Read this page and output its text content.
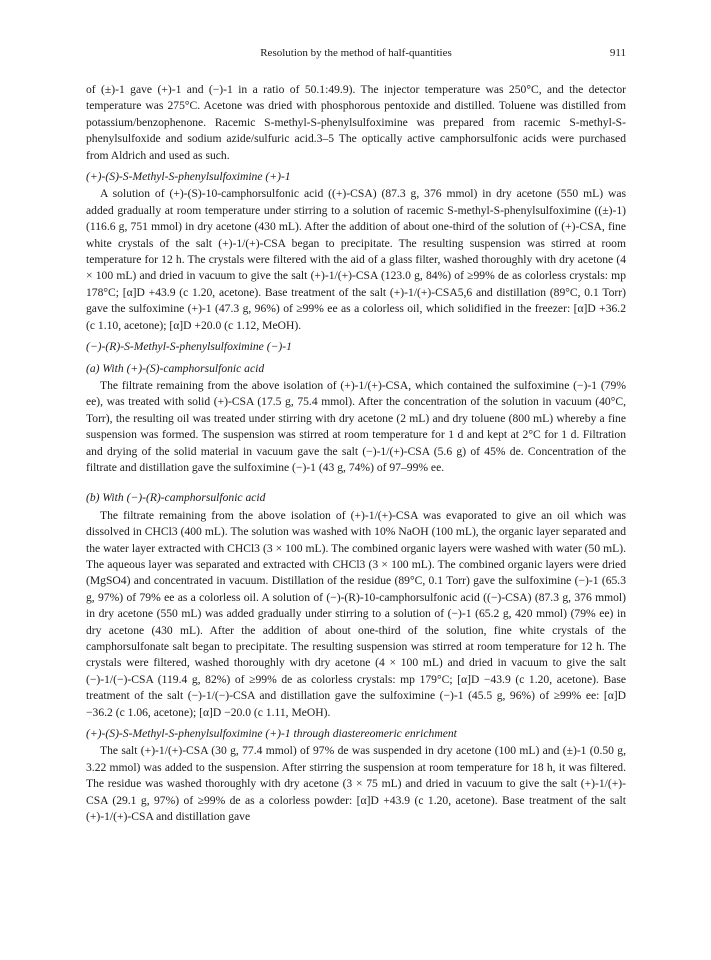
Resolution by the method of half-quantities	911

of (±)-1 gave (+)-1 and (−)-1 in a ratio of 50.1:49.9). The injector temperature was 250°C, and the detector temperature was 275°C. Acetone was dried with phosphorous pentoxide and distilled. Toluene was distilled from potassium/benzophenone. Racemic S-methyl-S-phenylsulfoximine was prepared from racemic S-methyl-S-phenylsulfoxide and sodium azide/sulfuric acid.3–5 The optically active camphorsulfonic acids were purchased from Aldrich and used as such.

(+)-(S)-S-Methyl-S-phenylsulfoximine (+)-1

A solution of (+)-(S)-10-camphorsulfonic acid ((+)-CSA) (87.3 g, 376 mmol) in dry acetone (550 mL) was added gradually at room temperature under stirring to a solution of racemic S-methyl-S-phenylsulfoximine ((±)-1) (116.6 g, 751 mmol) in dry acetone (430 mL). After the addition of about one-third of the solution of (+)-CSA, fine white crystals of the salt (+)-1/(+)-CSA began to precipitate. The resulting suspension was stirred at room temperature for 12 h. The crystals were filtered with the aid of a glass filter, washed thoroughly with dry acetone (4 × 100 mL) and dried in vacuum to give the salt (+)-1/(+)-CSA (123.0 g, 84%) of ≥99% de as colorless crystals: mp 178°C; [α]D +43.9 (c 1.20, acetone). Base treatment of the salt (+)-1/(+)-CSA5,6 and distillation (89°C, 0.1 Torr) gave the sulfoximine (+)-1 (47.3 g, 96%) of ≥99% ee as a colorless oil, which solidified in the freezer: [α]D +36.2 (c 1.10, acetone); [α]D +20.0 (c 1.12, MeOH).

(−)-(R)-S-Methyl-S-phenylsulfoximine (−)-1

(a) With (+)-(S)-camphorsulfonic acid

The filtrate remaining from the above isolation of (+)-1/(+)-CSA, which contained the sulfoximine (−)-1 (79% ee), was treated with solid (+)-CSA (17.5 g, 75.4 mmol). After the concentration of the solution in vacuum (40°C, Torr), the resulting oil was treated under stirring with dry acetone (2 mL) and dry toluene (800 mL) whereby a fine suspension was formed. The suspension was stirred at room temperature for 1 d and kept at 2°C for 1 d. Filtration and drying of the solid material in vacuum gave the salt (−)-1/(+)-CSA (5.6 g) of 45% de. Concentration of the filtrate and distillation gave the sulfoximine (−)-1 (43 g, 74%) of 97–99% ee.

(b) With (−)-(R)-camphorsulfonic acid

The filtrate remaining from the above isolation of (+)-1/(+)-CSA was evaporated to give an oil which was dissolved in CHCl3 (400 mL). The solution was washed with 10% NaOH (100 mL), the organic layer separated and the water layer extracted with CHCl3 (3 × 100 mL). The combined organic layers were washed with water (50 mL). The aqueous layer was separated and extracted with CHCl3 (3 × 100 mL). The combined organic layers were dried (MgSO4) and concentrated in vacuum. Distillation of the residue (89°C, 0.1 Torr) gave the sulfoximine (−)-1 (65.3 g, 97%) of 79% ee as a colorless oil. A solution of (−)-(R)-10-camphorsulfonic acid ((−)-CSA) (87.3 g, 376 mmol) in dry acetone (550 mL) was added gradually under stirring to a solution of (−)-1 (65.2 g, 420 mmol) (79% ee) in dry acetone (430 mL). After the addition of about one-third of the solution, fine white crystals of the camphorsulfonate salt began to precipitate. The resulting suspension was stirred at room temperature for 12 h. The crystals were filtered, washed thoroughly with dry acetone (4 × 100 mL) and dried in vacuum to give the salt (−)-1/(−)-CSA (119.4 g, 82%) of ≥99% de as colorless crystals: mp 179°C; [α]D −43.9 (c 1.20, acetone). Base treatment of the salt (−)-1/(−)-CSA and distillation gave the sulfoximine (−)-1 (45.5 g, 96%) of ≥99% ee: [α]D −36.2 (c 1.06, acetone); [α]D −20.0 (c 1.11, MeOH).

(+)-(S)-S-Methyl-S-phenylsulfoximine (+)-1 through diastereomeric enrichment

The salt (+)-1/(+)-CSA (30 g, 77.4 mmol) of 97% de was suspended in dry acetone (100 mL) and (±)-1 (0.50 g, 3.22 mmol) was added to the suspension. After stirring the suspension at room temperature for 18 h, it was filtered. The residue was washed thoroughly with dry acetone (3 × 75 mL) and dried in vacuum to give the salt (+)-1/(+)-CSA (29.1 g, 97%) of ≥99% de as a colorless powder: [α]D +43.9 (c 1.20, acetone). Base treatment of the salt (+)-1/(+)-CSA and distillation gave
